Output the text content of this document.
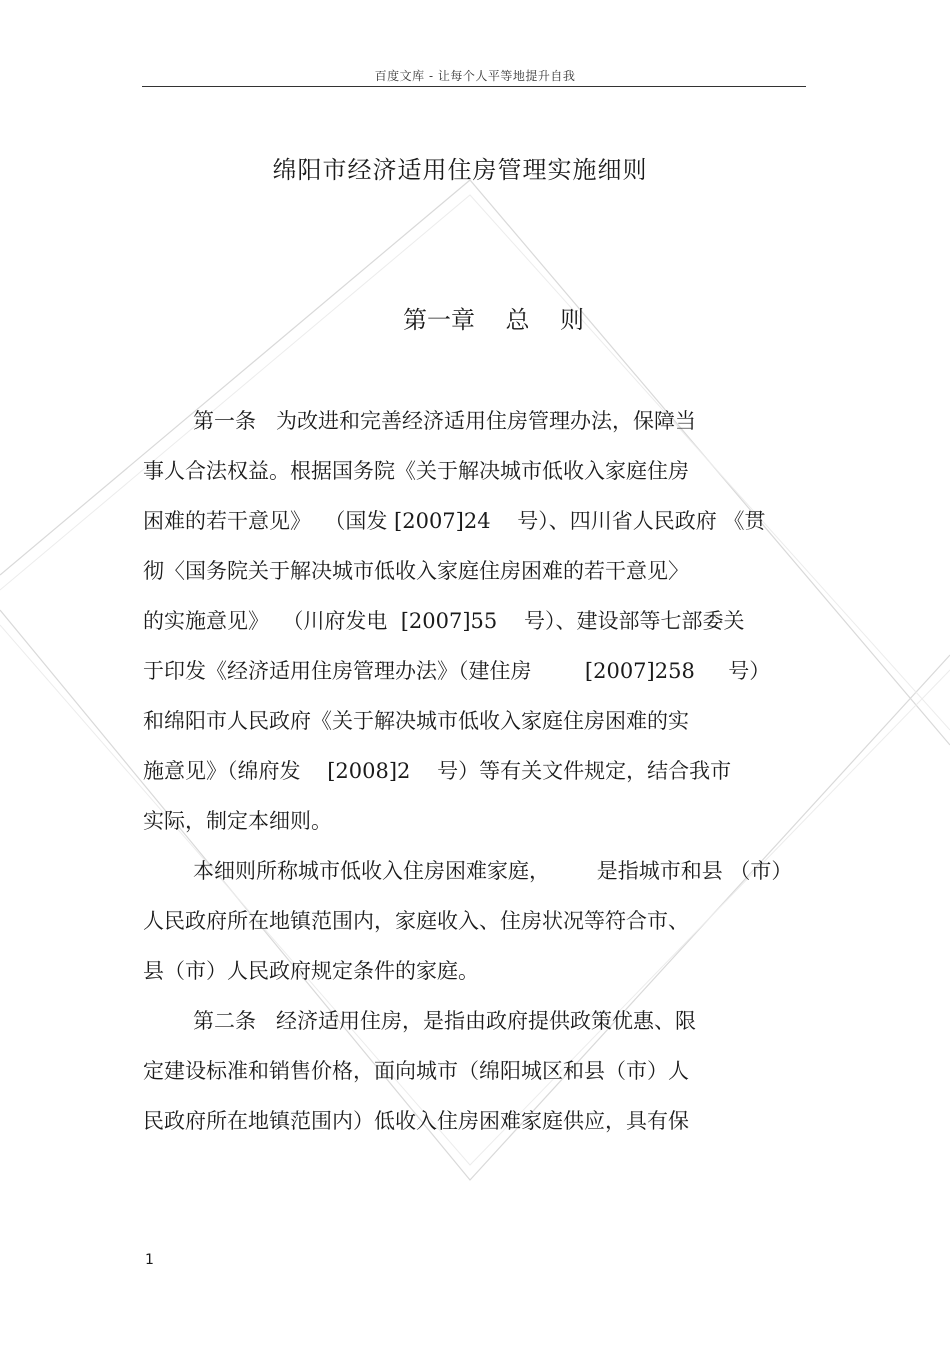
百度文库 - 让每个人平等地提升自我
绵阳市经济适用住房管理实施细则
第一章    总    则
第一条   为改进和完善经济适用住房管理办法，保障当
事人合法权益。根据国务院《关于解决城市低收入家庭住房
困难的若干意见》  （国发 [2007]24    号）、四川省人民政府 《贯
彻〈国务院关于解决城市低收入家庭住房困难的若干意见〉
的实施意见》  （川府发电  [2007]55    号）、建设部等七部委关
于印发《经济适用住房管理办法》（建住房        [2007]258     号）
和绵阳市人民政府《关于解决城市低收入家庭住房困难的实
施意见》（绵府发    [2008]2    号）等有关文件规定，结合我市
实际，制定本细则。
本细则所称城市低收入住房困难家庭，       是指城市和县 （市）
人民政府所在地镇范围内，家庭收入、住房状况等符合市、
县（市）人民政府规定条件的家庭。
第二条   经济适用住房，是指由政府提供政策优惠、限
定建设标准和销售价格，面向城市（绵阳城区和县（市）人
民政府所在地镇范围内）低收入住房困难家庭供应，具有保
1
